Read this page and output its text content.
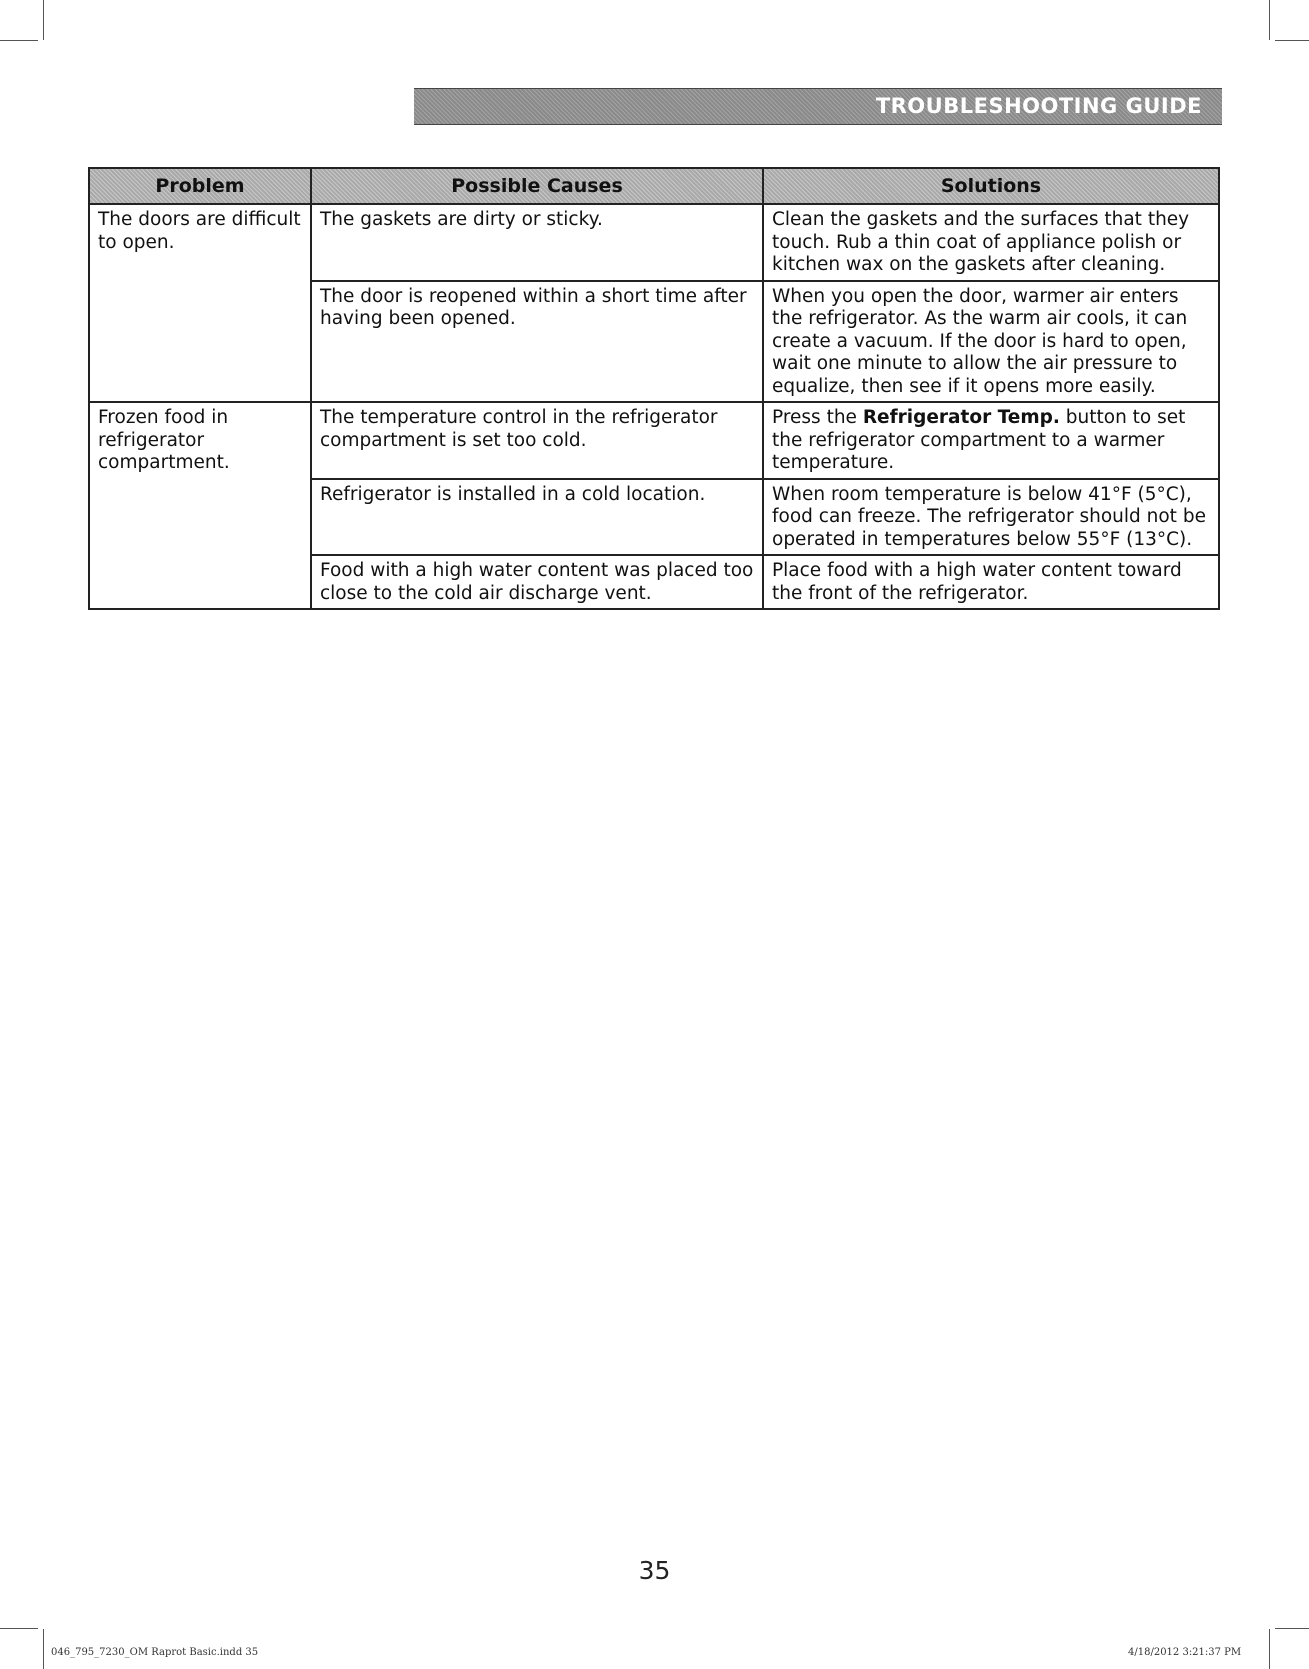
TROUBLESHOOTING GUIDE
Problem	Possible Causes	Solutions
The doors are difficult to open.	The gaskets are dirty or sticky.	Clean the gaskets and the surfaces that they touch. Rub a thin coat of appliance polish or kitchen wax on the gaskets after cleaning.
	The door is reopened within a short time after having been opened.	When you open the door, warmer air enters the refrigerator. As the warm air cools, it can create a vacuum. If the door is hard to open, wait one minute to allow the air pressure to equalize, then see if it opens more easily.
Frozen food in refrigerator compartment.	The temperature control in the refrigerator compartment is set too cold.	Press the Refrigerator Temp. button to set the refrigerator compartment to a warmer temperature.
	Refrigerator is installed in a cold location.	When room temperature is below 41°F (5°C), food can freeze. The refrigerator should not be operated in temperatures below 55°F (13°C).
	Food with a high water content was placed too close to the cold air discharge vent.	Place food with a high water content toward the front of the refrigerator.
35
046_795_7230_OM Raprot Basic.indd 35	4/18/2012 3:21:37 PM
